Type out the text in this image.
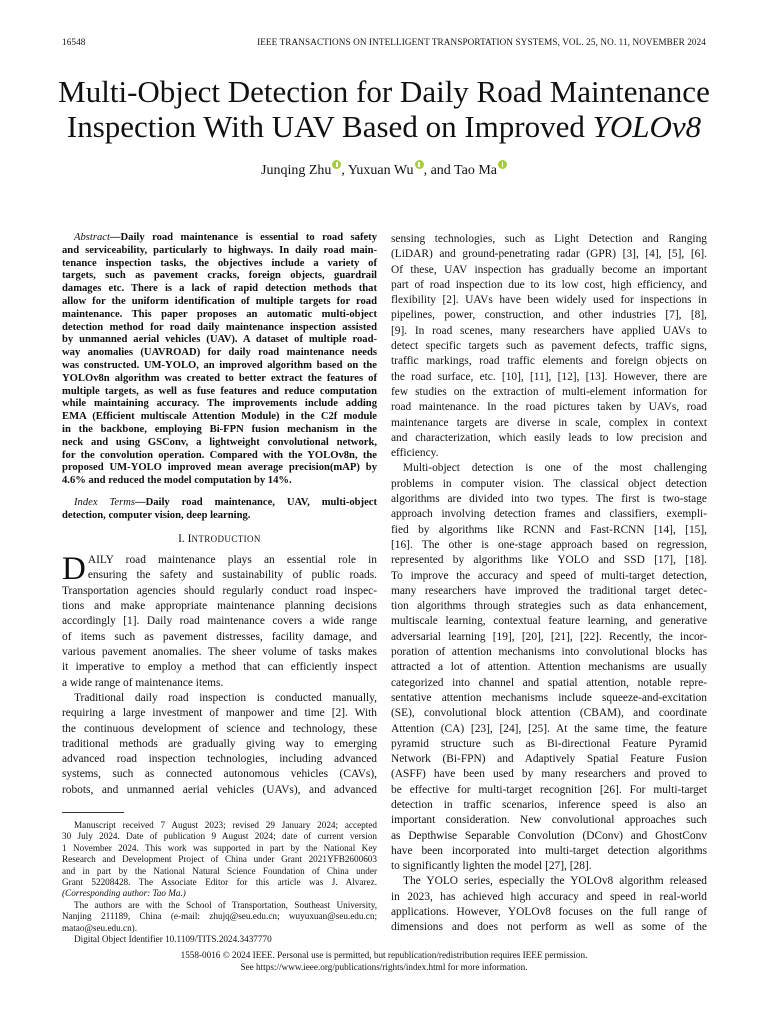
16548	IEEE TRANSACTIONS ON INTELLIGENT TRANSPORTATION SYSTEMS, VOL. 25, NO. 11, NOVEMBER 2024
Multi-Object Detection for Daily Road Maintenance
Inspection With UAV Based on Improved YOLOv8
Junqing Zhu , Yuxuan Wu , and Tao Ma
Abstract—Daily road maintenance is essential to road safety
and serviceability, particularly to highways. In daily road main-
tenance inspection tasks, the objectives include a variety of
targets, such as pavement cracks, foreign objects, guardrail
damages etc. There is a lack of rapid detection methods that
allow for the uniform identification of multiple targets for road
maintenance. This paper proposes an automatic multi-object
detection method for road daily maintenance inspection assisted
by unmanned aerial vehicles (UAV). A dataset of multiple road-
way anomalies (UAVROAD) for daily road maintenance needs
was constructed. UM-YOLO, an improved algorithm based on the
YOLOv8n algorithm was created to better extract the features of
multiple targets, as well as fuse features and reduce computation
while maintaining accuracy. The improvements include adding
EMA (Efficient multiscale Attention Module) in the C2f module
in the backbone, employing Bi-FPN fusion mechanism in the
neck and using GSConv, a lightweight convolutional network,
for the convolution operation. Compared with the YOLOv8n, the
proposed UM-YOLO improved mean average precision(mAP) by
4.6% and reduced the model computation by 14%.
Index Terms—Daily road maintenance, UAV, multi-object
detection, computer vision, deep learning.
I. INTRODUCTION
D AILY road maintenance plays an essential role in
ensuring the safety and sustainability of public roads.
Transportation agencies should regularly conduct road inspec-
tions and make appropriate maintenance planning decisions
accordingly [1]. Daily road maintenance covers a wide range
of items such as pavement distresses, facility damage, and
various pavement anomalies. The sheer volume of tasks makes
it imperative to employ a method that can efficiently inspect
a wide range of maintenance items.
Traditional daily road inspection is conducted manually,
requiring a large investment of manpower and time [2]. With
the continuous development of science and technology, these
traditional methods are gradually giving way to emerging
advanced road inspection technologies, including advanced
systems, such as connected autonomous vehicles (CAVs),
robots, and unmanned aerial vehicles (UAVs), and advanced
Manuscript received 7 August 2023; revised 29 January 2024; accepted
30 July 2024. Date of publication 9 August 2024; date of current version
1 November 2024. This work was supported in part by the National Key
Research and Development Project of China under Grant 2021YFB2600603
and in part by the National Natural Science Foundation of China under
Grant 52208428. The Associate Editor for this article was J. Alvarez.
(Corresponding author: Tao Ma.)
The authors are with the School of Transportation, Southeast University,
Nanjing 211189, China (e-mail: zhujq@seu.edu.cn; wuyuxuan@seu.edu.cn;
matao@seu.edu.cn).
Digital Object Identifier 10.1109/TITS.2024.3437770
sensing technologies, such as Light Detection and Ranging
(LiDAR) and ground-penetrating radar (GPR) [3], [4], [5], [6].
Of these, UAV inspection has gradually become an important
part of road inspection due to its low cost, high efficiency, and
flexibility [2]. UAVs have been widely used for inspections in
pipelines, power, construction, and other industries [7], [8],
[9]. In road scenes, many researchers have applied UAVs to
detect specific targets such as pavement defects, traffic signs,
traffic markings, road traffic elements and foreign objects on
the road surface, etc. [10], [11], [12], [13]. However, there are
few studies on the extraction of multi-element information for
road maintenance. In the road pictures taken by UAVs, road
maintenance targets are diverse in scale, complex in context
and characterization, which easily leads to low precision and
efficiency.
Multi-object detection is one of the most challenging
problems in computer vision. The classical object detection
algorithms are divided into two types. The first is two-stage
approach involving detection frames and classifiers, exempli-
fied by algorithms like RCNN and Fast-RCNN [14], [15],
[16]. The other is one-stage approach based on regression,
represented by algorithms like YOLO and SSD [17], [18].
To improve the accuracy and speed of multi-target detection,
many researchers have improved the traditional target detec-
tion algorithms through strategies such as data enhancement,
multiscale learning, contextual feature learning, and generative
adversarial learning [19], [20], [21], [22]. Recently, the incor-
poration of attention mechanisms into convolutional blocks has
attracted a lot of attention. Attention mechanisms are usually
categorized into channel and spatial attention, notable repre-
sentative attention mechanisms include squeeze-and-excitation
(SE), convolutional block attention (CBAM), and coordinate
Attention (CA) [23], [24], [25]. At the same time, the feature
pyramid structure such as Bi-directional Feature Pyramid
Network (Bi-FPN) and Adaptively Spatial Feature Fusion
(ASFF) have been used by many researchers and proved to
be effective for multi-target recognition [26]. For multi-target
detection in traffic scenarios, inference speed is also an
important consideration. New convolutional approaches such
as Depthwise Separable Convolution (DConv) and GhostConv
have been incorporated into multi-target detection algorithms
to significantly lighten the model [27], [28].
The YOLO series, especially the YOLOv8 algorithm released
in 2023, has achieved high accuracy and speed in real-world
applications. However, YOLOv8 focuses on the full range of
dimensions and does not perform as well as some of the
1558-0016 © 2024 IEEE. Personal use is permitted, but republication/redistribution requires IEEE permission.
See https://www.ieee.org/publications/rights/index.html for more information.
